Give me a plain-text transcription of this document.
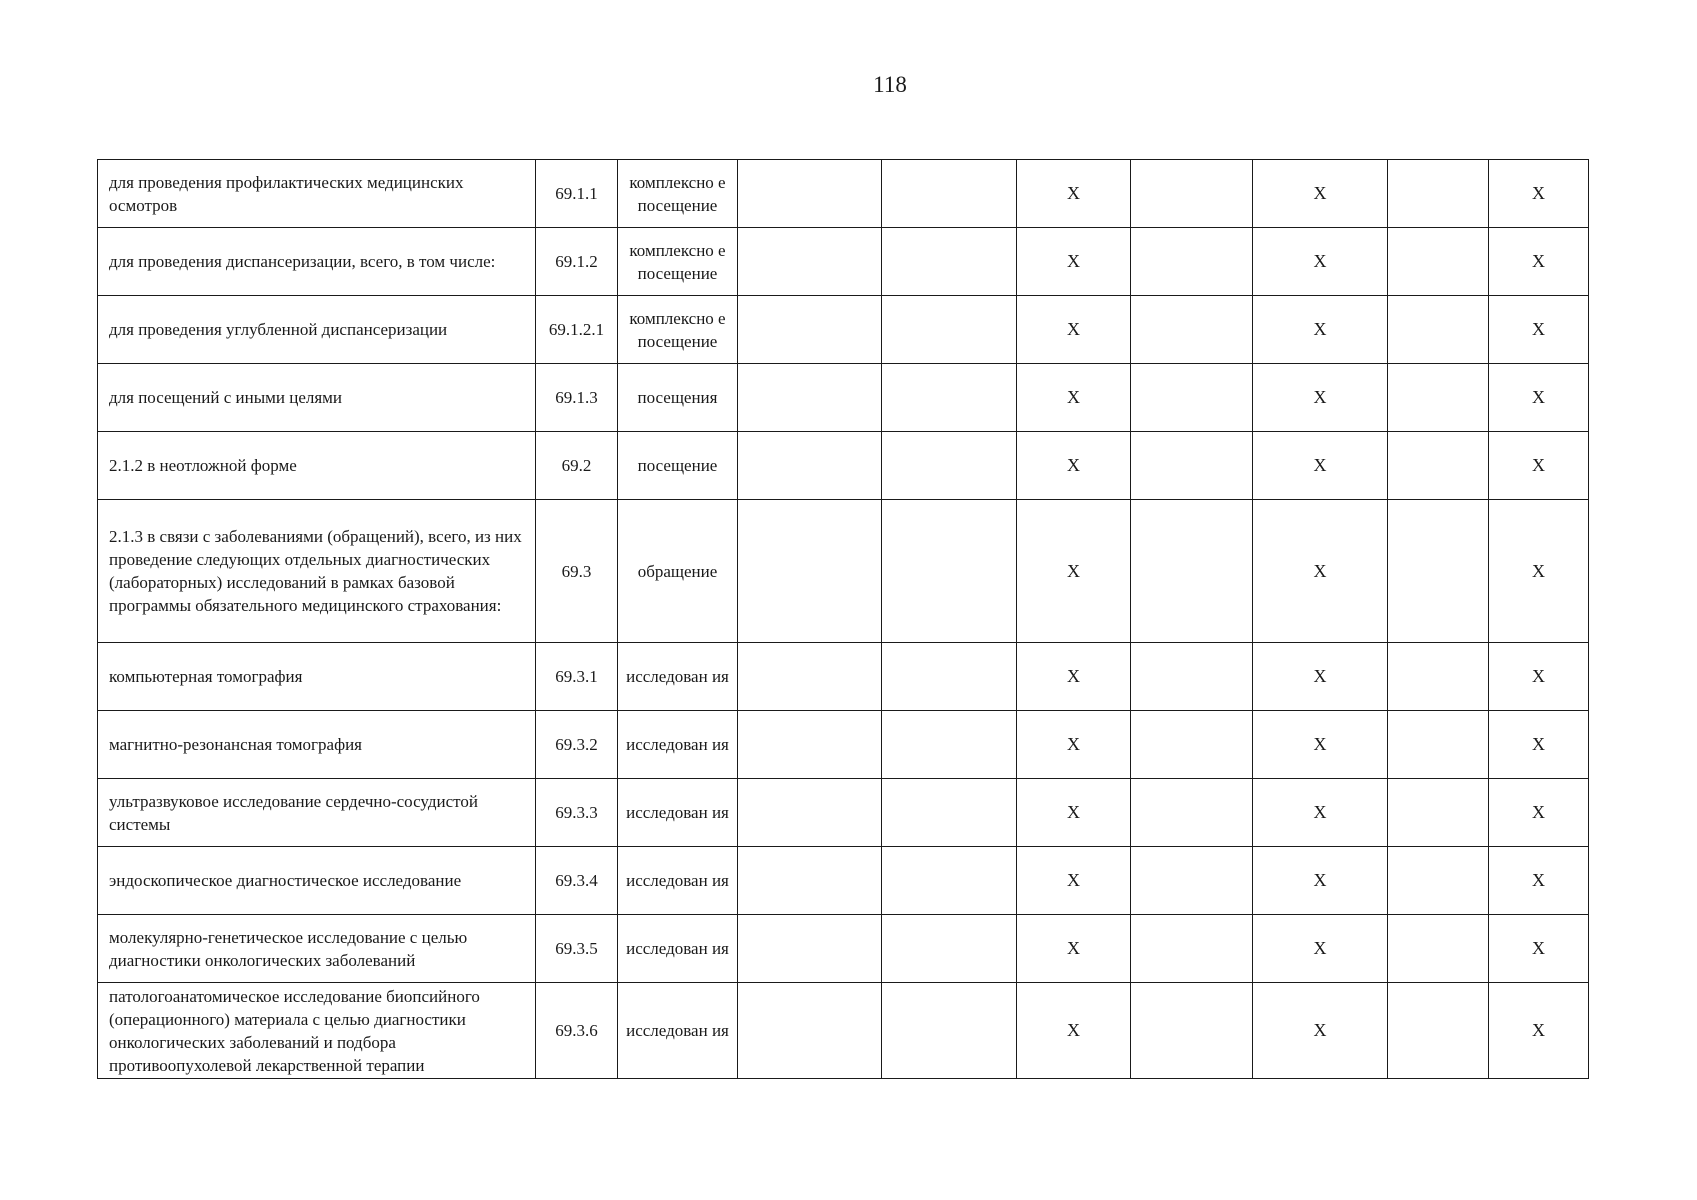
118
для проведения профилактических медицинских осмотров	69.1.1	комплексно е посещение			X		X		X
для проведения диспансеризации, всего, в том числе:	69.1.2	комплексно е посещение			X		X		X
для проведения углубленной диспансеризации	69.1.2.1	комплексно е посещение			X		X		X
для посещений с иными целями	69.1.3	посещения			X		X		X
2.1.2 в неотложной форме	69.2	посещение			X		X		X
2.1.3 в связи с заболеваниями (обращений), всего, из них проведение следующих отдельных диагностических (лабораторных) исследований в рамках базовой программы обязательного медицинского страхования:	69.3	обращение			X		X		X
компьютерная томография	69.3.1	исследован ия			X		X		X
магнитно-резонансная томография	69.3.2	исследован ия			X		X		X
ультразвуковое исследование сердечно-сосудистой системы	69.3.3	исследован ия			X		X		X
эндоскопическое диагностическое исследование	69.3.4	исследован ия			X		X		X
молекулярно-генетическое исследование с целью диагностики онкологических заболеваний	69.3.5	исследован ия			X		X		X
патологоанатомическое исследование биопсийного (операционного) материала с целью диагностики онкологических заболеваний и подбора противоопухолевой лекарственной терапии	69.3.6	исследован ия			X		X		X
